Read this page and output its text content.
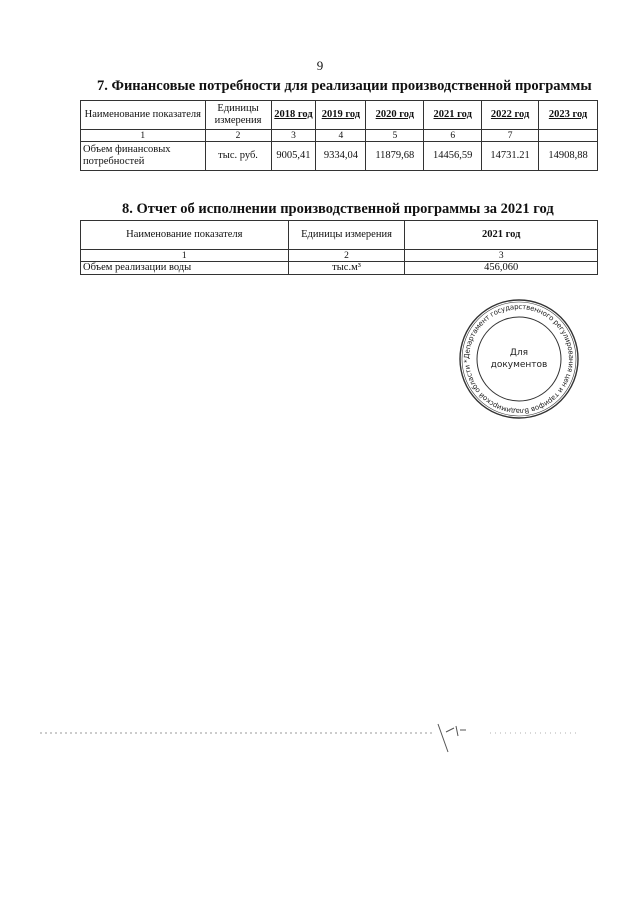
9
7. Финансовые потребности для реализации производственной программы
Наименование показателя	Единицы измерения	2018 год	2019 год	2020 год	2021 год	2022 год	2023 год
1	2	3	4	5	6	7	
Объем финансовых потребностей	тыс. руб.	9005,41	9334,04	11879,68	14456,59	14731.21	14908,88
8. Отчет об исполнении производственной программы за 2021 год
Наименование показателя	Единицы измерения	2021 год
1	2	3
Объем реализации воды	тыс.м³	456,060
Департамент государственного регулирования цен и тарифов Владимирской области *
Для
документов
